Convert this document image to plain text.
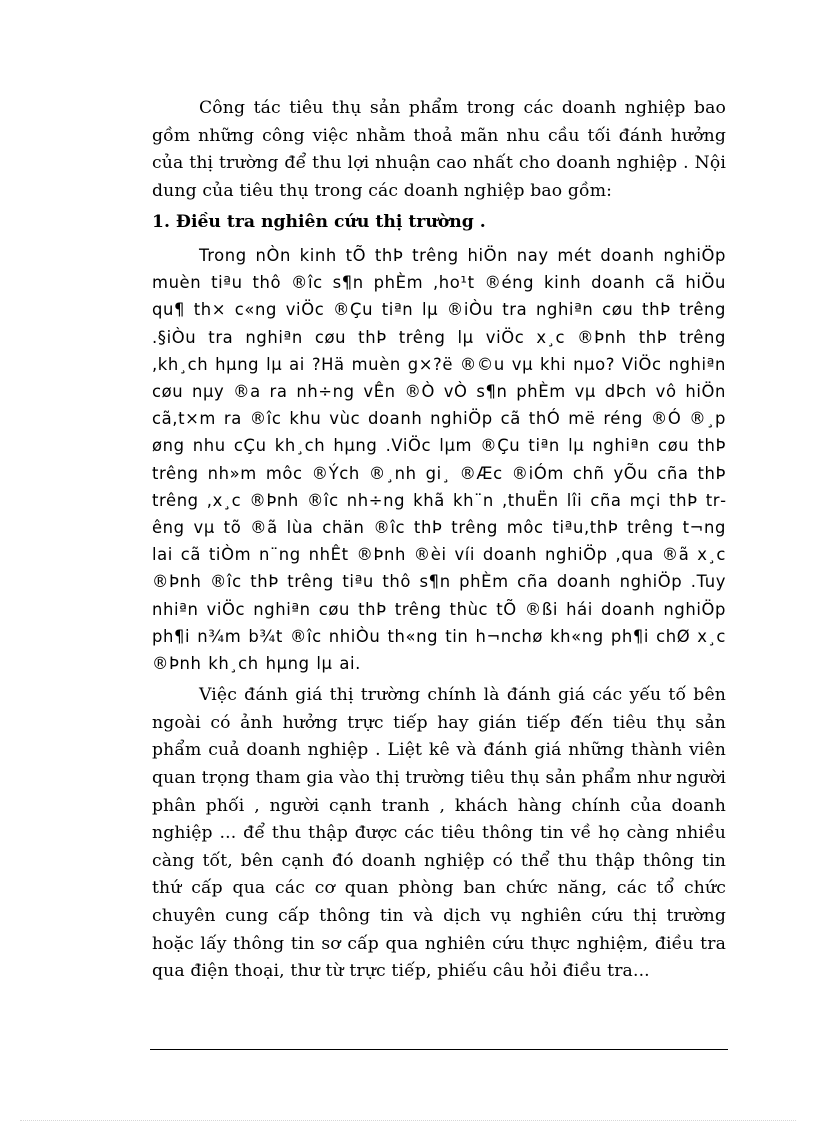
Công tác tiêu thụ sản phẩm trong các doanh nghiệp bao gồm những công việc nhằm thoả mãn nhu cầu tối đánh hưởng của thị trường để thu lợi nhuận cao nhất cho doanh nghiệp . Nội dung của tiêu thụ trong các doanh nghiệp bao gồm:

1. Điều tra nghiên cứu thị trường .

Trong nÒn kinh tÕ thÞ trêng hiÖn nay mét doanh nghiÖp muèn tiªu thô ®îc s¶n phÈm ,ho¹t ®éng kinh doanh cã hiÖu qu¶ th× c«ng viÖc ®Çu tiªn lµ ®iÒu tra nghiªn cøu thÞ trêng .§iÒu tra nghiªn cøu thÞ trêng lµ viÖc x¸c ®Þnh thÞ trêng ,kh¸ch hµng lµ ai ?Hä muèn g×?ë ®©u vµ khi nµo? ViÖc nghiªn cøu nµy ®a ra nh÷ng vÊn ®Ò vÒ s¶n phÈm vµ dÞch vô hiÖn cã,t×m ra ®îc khu vùc doanh nghiÖp cã thÓ më réng ®Ó ®¸p øng nhu cÇu kh¸ch hµng .ViÖc lµm ®Çu tiªn lµ nghiªn cøu thÞ trêng nh»m môc ®Ých ®¸nh gi¸ ®Æc ®iÓm chñ yÕu cña thÞ trêng ,x¸c ®Þnh ®îc nh÷ng khã kh¨n ,thuËn lîi cña mçi thÞ trêng vµ tõ ®ã lùa chän ®îc thÞ trêng môc tiªu,thÞ trêng t¬ng lai cã tiÒm n¨ng nhÊt ®Þnh ®èi víi doanh nghiÖp ,qua ®ã x¸c ®Þnh ®îc thÞ trêng tiªu thô s¶n phÈm cña doanh nghiÖp .Tuy nhiªn viÖc nghiªn cøu thÞ trêng thùc tÕ ®ßi hái doanh nghiÖp ph¶i n¾m b¾t ®îc nhiÒu th«ng tin h¬nchø kh«ng ph¶i chØ x¸c ®Þnh kh¸ch hµng lµ ai.

Việc đánh giá thị trường chính là đánh giá các yếu tố bên ngoài có ảnh hưởng trực tiếp hay gián tiếp đến tiêu thụ sản phẩm cuả doanh nghiệp . Liệt kê và đánh giá những thành viên quan trọng tham gia vào thị trường tiêu thụ sản phẩm như người phân phối , người cạnh tranh , khách hàng chính của doanh nghiệp ... để thu thập được các tiêu thông tin về họ càng nhiều càng tốt, bên cạnh đó doanh nghiệp có thể thu thập thông tin thứ cấp qua các cơ quan phòng ban chức năng, các tổ chức chuyên cung cấp thông tin và dịch vụ nghiên cứu thị trường hoặc lấy thông tin sơ cấp qua nghiên cứu thực nghiệm, điều tra qua điện thoại, thư từ trực tiếp, phiếu câu hỏi điều tra...
